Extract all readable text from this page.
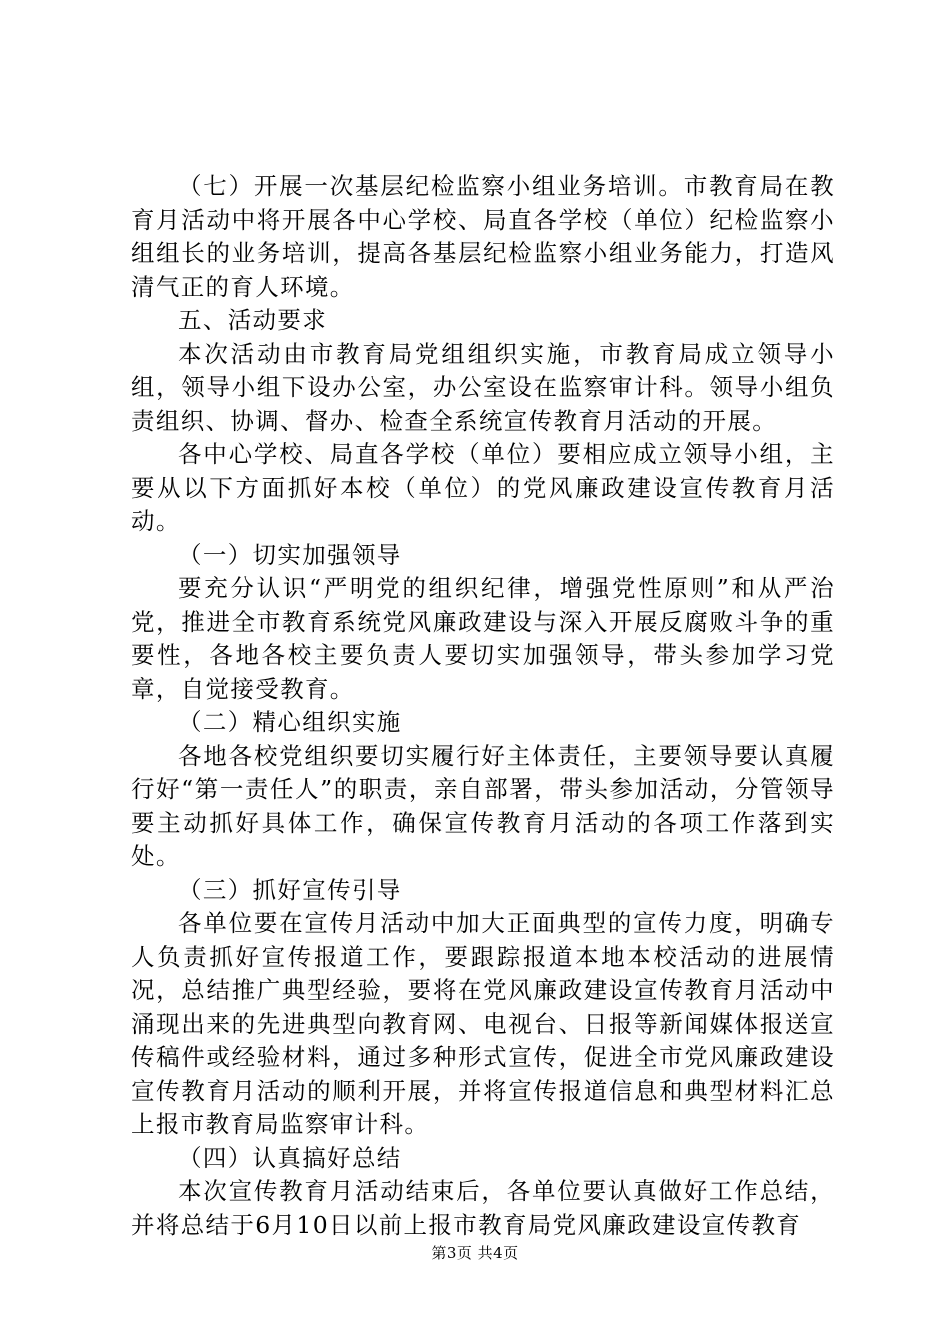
（七）开展一次基层纪检监察小组业务培训。市教育局在教育月活动中将开展各中心学校、局直各学校（单位）纪检监察小组组长的业务培训，提高各基层纪检监察小组业务能力，打造风清气正的育人环境。

五、活动要求

本次活动由市教育局党组组织实施，市教育局成立领导小组，领导小组下设办公室，办公室设在监察审计科。领导小组负责组织、协调、督办、检查全系统宣传教育月活动的开展。

各中心学校、局直各学校（单位）要相应成立领导小组，主要从以下方面抓好本校（单位）的党风廉政建设宣传教育月活动。

（一）切实加强领导

要充分认识“严明党的组织纪律，增强党性原则”和从严治党，推进全市教育系统党风廉政建设与深入开展反腐败斗争的重要性，各地各校主要负责人要切实加强领导，带头参加学习党章，自觉接受教育。

（二）精心组织实施

各地各校党组织要切实履行好主体责任，主要领导要认真履行好“第一责任人”的职责，亲自部署，带头参加活动，分管领导要主动抓好具体工作，确保宣传教育月活动的各项工作落到实处。

（三）抓好宣传引导

各单位要在宣传月活动中加大正面典型的宣传力度，明确专人负责抓好宣传报道工作，要跟踪报道本地本校活动的进展情况，总结推广典型经验，要将在党风廉政建设宣传教育月活动中涌现出来的先进典型向教育网、电视台、日报等新闻媒体报送宣传稿件或经验材料，通过多种形式宣传，促进全市党风廉政建设宣传教育月活动的顺利开展，并将宣传报道信息和典型材料汇总上报市教育局监察审计科。

（四）认真搞好总结

本次宣传教育月活动结束后，各单位要认真做好工作总结，并将总结于6月10日以前上报市教育局党风廉政建设宣传教育

第3页 共4页
